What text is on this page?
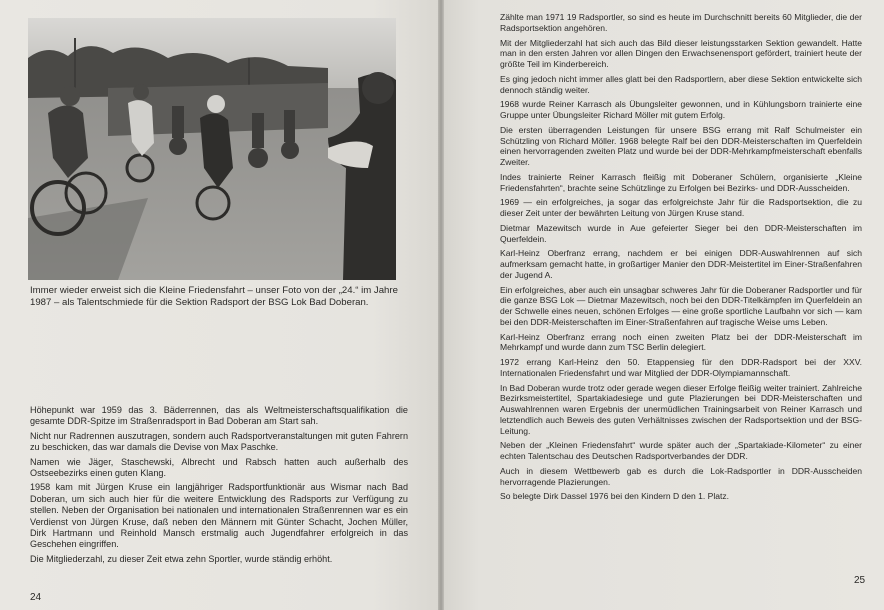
Immer wieder erweist sich die Kleine Friedensfahrt – unser Foto von der „24.“ im Jahre 1987 – als Talentschmiede für die Sektion Radsport der BSG Lok Bad Doberan.

Höhepunkt war 1959 das 3. Bäderrennen, das als Weltmeisterschaftsqualifikation die gesamte DDR-Spitze im Straßenradsport in Bad Doberan am Start sah.

Nicht nur Radrennen auszutragen, sondern auch Radsportveranstaltungen mit guten Fahrern zu beschicken, das war damals die Devise von Max Paschke.

Namen wie Jäger, Staschewski, Albrecht und Rabsch hatten auch außerhalb des Ostseebezirks einen guten Klang.

1958 kam mit Jürgen Kruse ein langjähriger Radsportfunktionär aus Wismar nach Bad Doberan, um sich auch hier für die weitere Entwicklung des Radsports zur Verfügung zu stellen. Neben der Organisation bei nationalen und internationalen Straßenrennen war es ein Verdienst von Jürgen Kruse, daß neben den Männern mit Günter Schacht, Jochen Müller, Dirk Hartmann und Reinhold Mansch erstmalig auch Jugendfahrer erfolgreich in das Geschehen eingriffen.

Die Mitgliederzahl, zu dieser Zeit etwa zehn Sportler, wurde ständig erhöht.

24

Zählte man 1971 19 Radsportler, so sind es heute im Durchschnitt bereits 60 Mitglieder, die der Radsportsektion angehören.

Mit der Mitgliederzahl hat sich auch das Bild dieser leistungsstarken Sektion gewandelt. Hatte man in den ersten Jahren vor allen Dingen den Erwachsenensport gefördert, trainiert heute der größte Teil im Kinderbereich.

Es ging jedoch nicht immer alles glatt bei den Radsportlern, aber diese Sektion entwickelte sich dennoch ständig weiter.

1968 wurde Reiner Karrasch als Übungsleiter gewonnen, und in Kühlungsborn trainierte eine Gruppe unter Übungsleiter Richard Möller mit gutem Erfolg.

Die ersten überragenden Leistungen für unsere BSG errang mit Ralf Schulmeister ein Schützling von Richard Möller. 1968 belegte Ralf bei den DDR-Meisterschaften im Querfeldein einen hervorragenden zweiten Platz und wurde bei der DDR-Mehrkampfmeisterschaft ebenfalls Zweiter.

Indes trainierte Reiner Karrasch fleißig mit Doberaner Schülern, organisierte „Kleine Friedensfahrten“, brachte seine Schützlinge zu Erfolgen bei Bezirks- und DDR-Ausscheiden.

1969 — ein erfolgreiches, ja sogar das erfolgreichste Jahr für die Radsportsektion, die zu dieser Zeit unter der bewährten Leitung von Jürgen Kruse stand.

Dietmar Mazewitsch wurde in Aue gefeierter Sieger bei den DDR-Meisterschaften im Querfeldein.

Karl-Heinz Oberfranz errang, nachdem er bei einigen DDR-Auswahlrennen auf sich aufmerksam gemacht hatte, in großartiger Manier den DDR-Meistertitel im Einer-Straßenfahren der Jugend A.

Ein erfolgreiches, aber auch ein unsagbar schweres Jahr für die Doberaner Radsportler und für die ganze BSG Lok — Dietmar Mazewitsch, noch bei den DDR-Titelkämpfen im Querfeldein an der Schwelle eines neuen, schönen Erfolges — eine große sportliche Laufbahn vor sich — kam bei den DDR-Meisterschaften im Einer-Straßenfahren auf tragische Weise ums Leben.

Karl-Heinz Oberfranz errang noch einen zweiten Platz bei der DDR-Meisterschaft im Mehrkampf und wurde dann zum TSC Berlin delegiert.

1972 errang Karl-Heinz den 50. Etappensieg für den DDR-Radsport bei der XXV. Internationalen Friedensfahrt und war Mitglied der DDR-Olympiamannschaft.

In Bad Doberan wurde trotz oder gerade wegen dieser Erfolge fleißig weiter trainiert. Zahlreiche Bezirksmeistertitel, Spartakiadesiege und gute Plazierungen bei DDR-Meisterschaften und Auswahlrennen waren Ergebnis der unermüdlichen Trainingsarbeit von Reiner Karrasch und letztendlich auch Beweis des guten Verhältnisses zwischen der Radsportsektion und der BSG-Leitung.

Neben der „Kleinen Friedensfahrt“ wurde später auch der „Spartakiade-Kilometer“ zu einer echten Talentschau des Deutschen Radsportverbandes der DDR.

Auch in diesem Wettbewerb gab es durch die Lok-Radsportler in DDR-Ausscheiden hervorragende Plazierungen.

So belegte Dirk Dassel 1976 bei den Kindern D den 1. Platz.

25
